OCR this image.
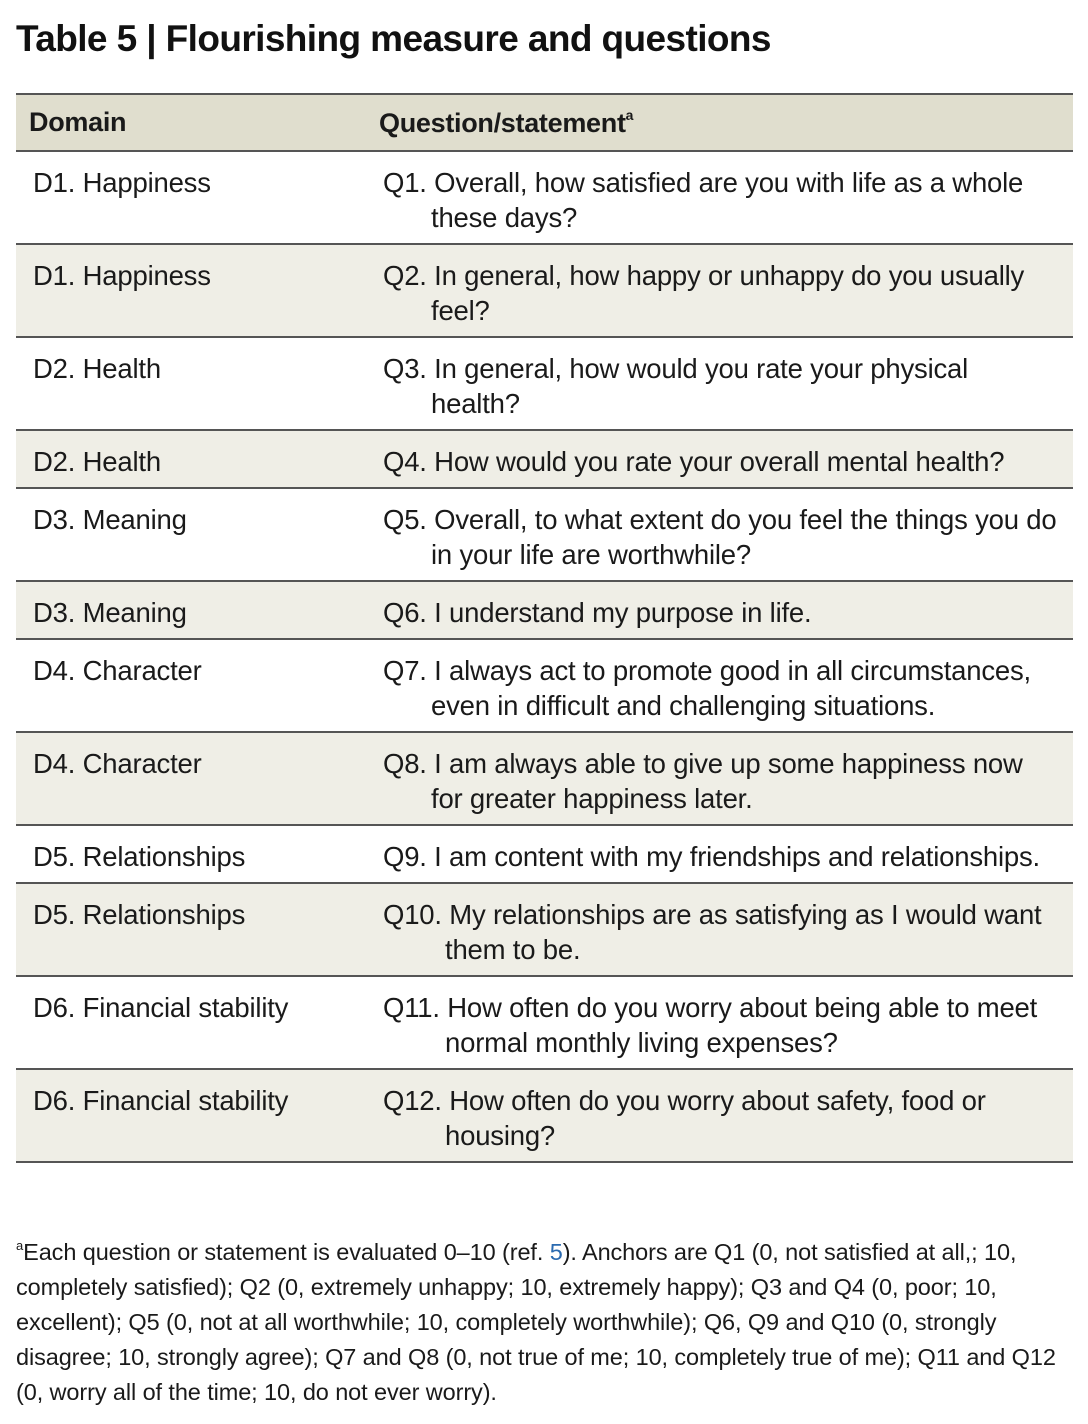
Table 5 | Flourishing measure and questions
Domain	Question/statement$^a$
D1. Happiness	Q1. Overall, how satisfied are you with life as a whole these days?

D1. Happiness	Q2. In general, how happy or unhappy do you usually feel?

D2. Health	Q3. In general, how would you rate your physical health?

D2. Health	Q4. How would you rate your overall mental health?

D3. Meaning	Q5. Overall, to what extent do you feel the things you do in your life are worthwhile?

D3. Meaning	Q6. I understand my purpose in life.

D4. Character	Q7. I always act to promote good in all circumstances, even in difficult and challenging situations.

D4. Character	Q8. I am always able to give up some happiness now for greater happiness later.

D5. Relationships	Q9. I am content with my friendships and relationships.

D5. Relationships	Q10. My relationships are as satisfying as I would want them to be.

D6. Financial stability	Q11. How often do you worry about being able to meet normal monthly living expenses?

D6. Financial stability	Q12. How often do you worry about safety, food or housing?
$^a$Each question or statement is evaluated 0–10 (ref. 5). Anchors are Q1 (0, not satisfied at all,; 10, completely satisfied); Q2 (0, extremely unhappy; 10, extremely happy); Q3 and Q4 (0, poor; 10, excellent); Q5 (0, not at all worthwhile; 10, completely worthwhile); Q6, Q9 and Q10 (0, strongly disagree; 10, strongly agree); Q7 and Q8 (0, not true of me; 10, completely true of me); Q11 and Q12 (0, worry all of the time; 10, do not ever worry).
